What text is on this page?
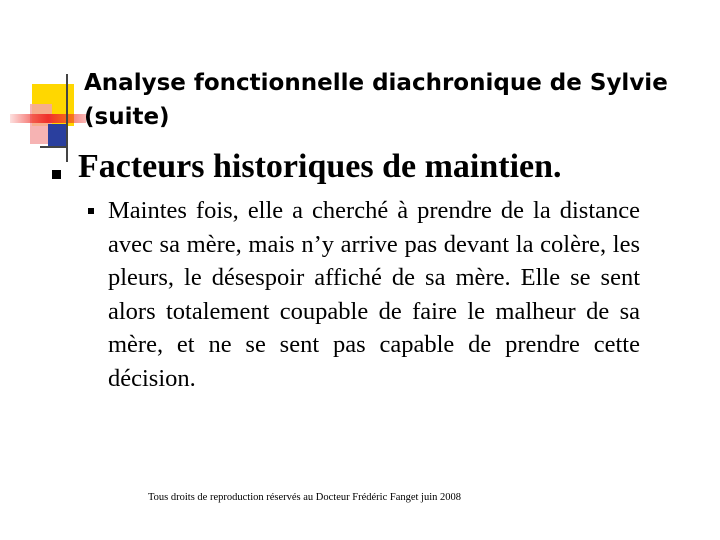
Analyse fonctionnelle diachronique de Sylvie (suite)
Facteurs historiques de maintien.

Maintes fois, elle a cherché à prendre de la distance avec sa mère, mais n’y arrive pas devant la colère, les pleurs, le désespoir affiché de sa mère. Elle se sent alors totalement coupable de faire le malheur de sa mère, et ne se sent pas capable de prendre cette décision.

Tous droits de reproduction réservés au Docteur Frédéric Fanget juin 2008
